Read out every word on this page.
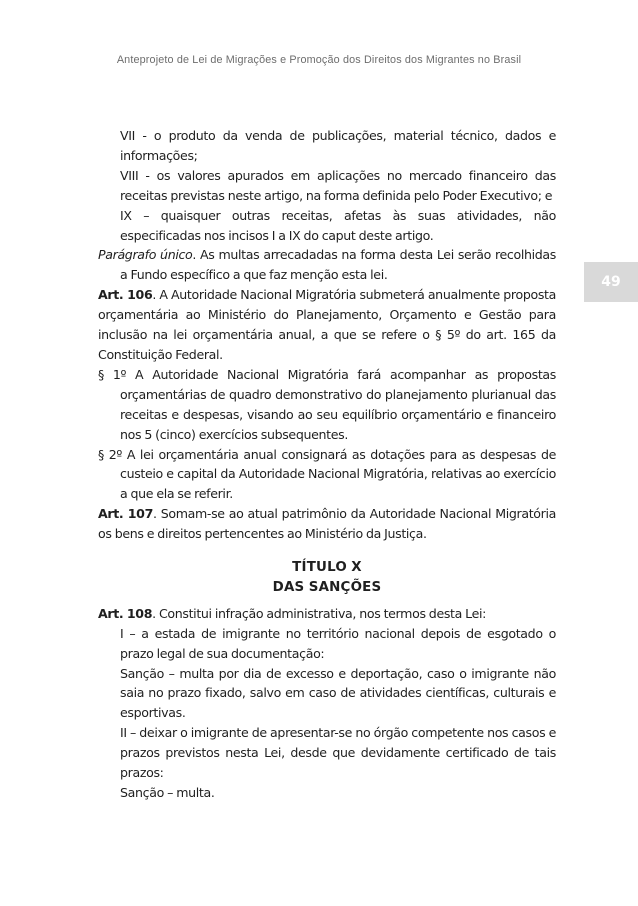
Anteprojeto de Lei de Migrações e Promoção dos Direitos dos Migrantes no Brasil
49

VII - o produto da venda de publicações, material técnico, dados e informações;

VIII - os valores apurados em aplicações no mercado financeiro das receitas previstas neste artigo, na forma definida pelo Poder Executivo; e

IX – quaisquer outras receitas, afetas às suas atividades, não especificadas nos incisos I a IX do caput deste artigo.

Parágrafo único. As multas arrecadadas na forma desta Lei serão recolhidas a Fundo específico a que faz menção esta lei.

Art. 106. A Autoridade Nacional Migratória submeterá anualmente proposta orçamentária ao Ministério do Planejamento, Orçamento e Gestão para inclusão na lei orçamentária anual, a que se refere o § 5º do art. 165 da Constituição Federal.

§ 1º A Autoridade Nacional Migratória fará acompanhar as propostas orçamentárias de quadro demonstrativo do planejamento plurianual das receitas e despesas, visando ao seu equilíbrio orçamentário e financeiro nos 5 (cinco) exercícios subsequentes.

§ 2º A lei orçamentária anual consignará as dotações para as despesas de custeio e capital da Autoridade Nacional Migratória, relativas ao exercício a que ela se referir.

Art. 107. Somam-se ao atual patrimônio da Autoridade Nacional Migratória os bens e direitos pertencentes ao Ministério da Justiça.

TÍTULO X
DAS SANÇÕES

Art. 108. Constitui infração administrativa, nos termos desta Lei:

I – a estada de imigrante no território nacional depois de esgotado o prazo legal de sua documentação:

Sanção – multa por dia de excesso e deportação, caso o imigrante não saia no prazo fixado, salvo em caso de atividades científicas, culturais e esportivas.

II – deixar o imigrante de apresentar-se no órgão competente nos casos e prazos previstos nesta Lei, desde que devidamente certificado de tais prazos:

Sanção – multa.
